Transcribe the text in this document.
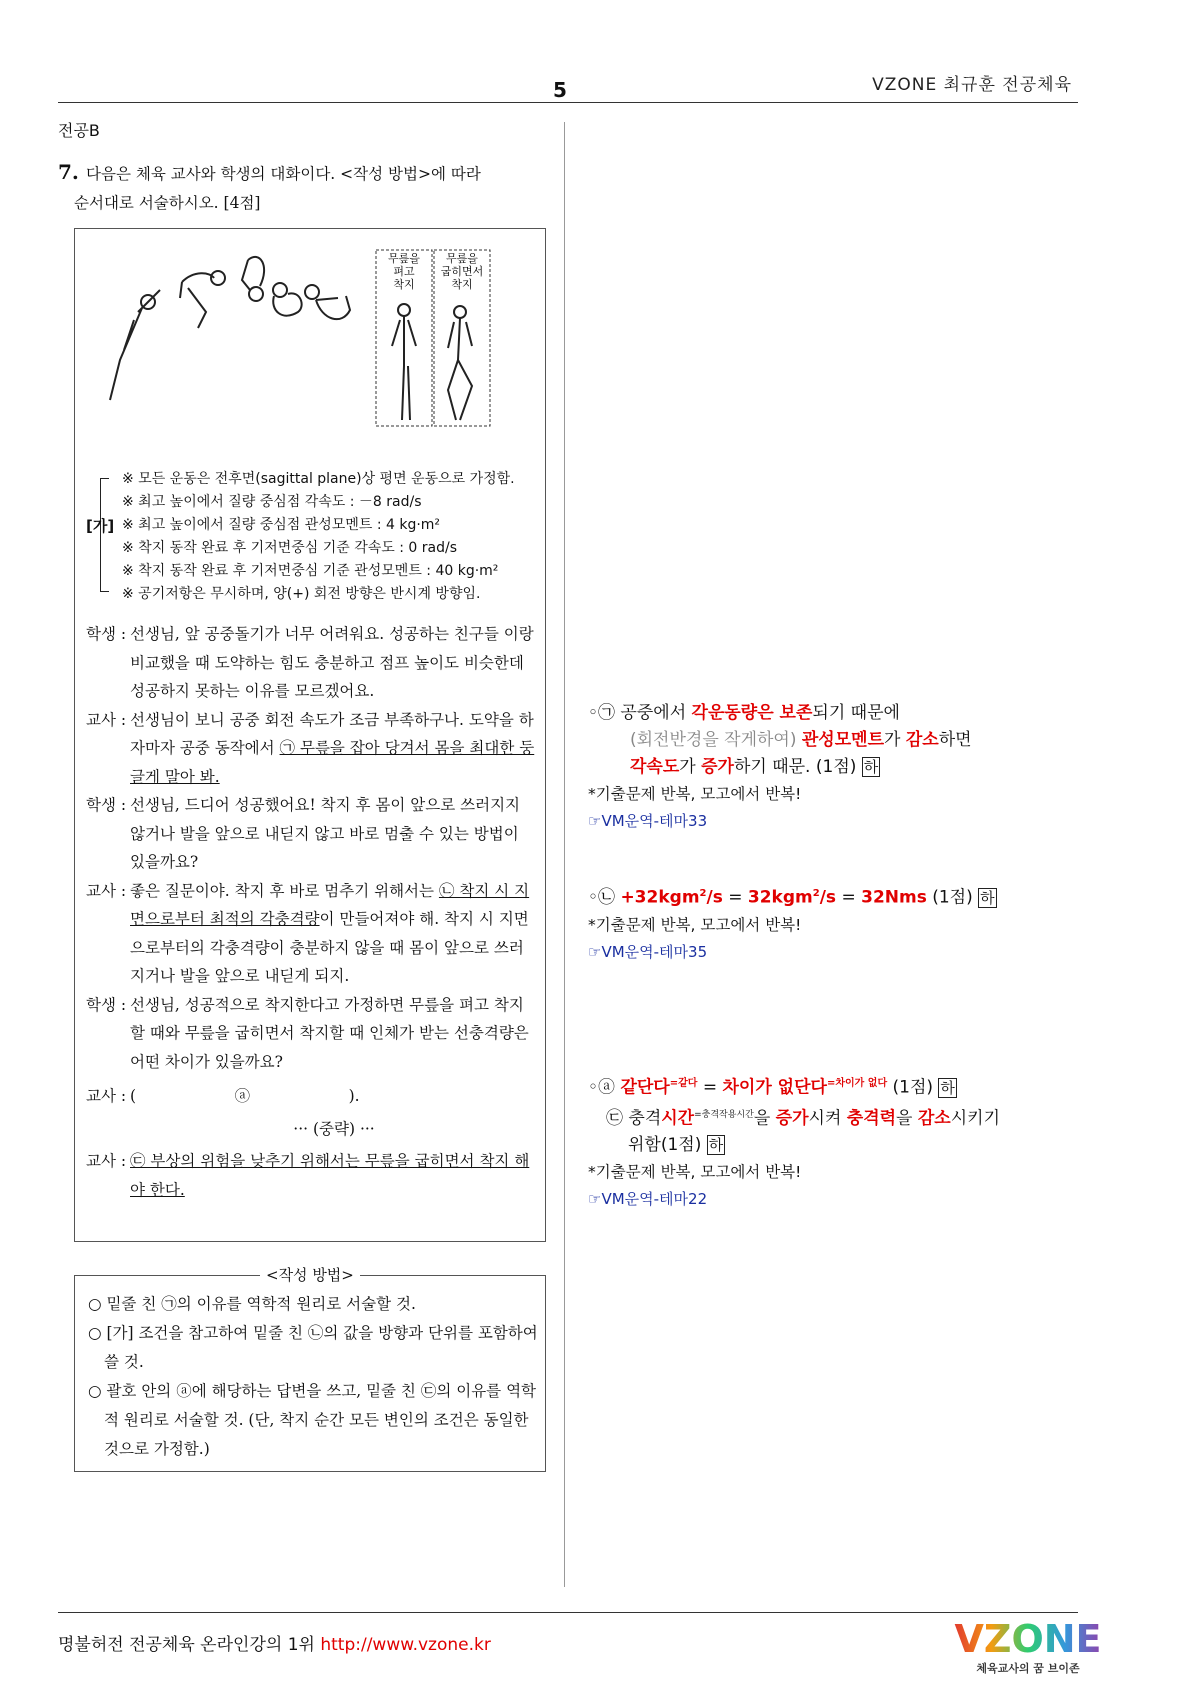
5	VZONE 최규훈 전공체육
전공B
7. 다음은 체육 교사와 학생의 대화이다. <작성 방법>에 따라
순서대로 서술하시오. [4점]
무릎을
펴고
착지
무릎을
굽히면서
착지
[가]
※ 모든 운동은 전후면(sagittal plane)상 평면 운동으로 가정함.
※ 최고 높이에서 질량 중심점 각속도 : －8 rad/s
※ 최고 높이에서 질량 중심점 관성모멘트 : 4 kg·m²
※ 착지 동작 완료 후 기저면중심 기준 각속도 : 0 rad/s
※ 착지 동작 완료 후 기저면중심 기준 관성모멘트 : 40 kg·m²
※ 공기저항은 무시하며, 양(+) 회전 방향은 반시계 방향임.
학생 : 선생님, 앞 공중돌기가 너무 어려워요. 성공하는 친구들 이랑 비교했을 때 도약하는 힘도 충분하고 점프 높이도 비슷한데 성공하지 못하는 이유를 모르겠어요.
교사 : 선생님이 보니 공중 회전 속도가 조금 부족하구나. 도약을 하자마자 공중 동작에서 ㉠ 무릎을 잡아 당겨서 몸을 최대한 둥글게 말아 봐.
학생 : 선생님, 드디어 성공했어요! 착지 후 몸이 앞으로 쓰러지지 않거나 발을 앞으로 내딛지 않고 바로 멈출 수 있는 방법이 있을까요?
교사 : 좋은 질문이야. 착지 후 바로 멈추기 위해서는 ㉡ 착지 시 지면으로부터 최적의 각충격량이 만들어져야 해. 착지 시 지면으로부터의 각충격량이 충분하지 않을 때 몸이 앞으로 쓰러지거나 발을 앞으로 내딛게 되지.
학생 : 선생님, 성공적으로 착지한다고 가정하면 무릎을 펴고 착지할 때와 무릎을 굽히면서 착지할 때 인체가 받는 선충격량은 어떤 차이가 있을까요?
교사 : (                    ⓐ                    ).
··· (중략) ···
교사 : ㉢ 부상의 위험을 낮추기 위해서는 무릎을 굽히면서 착지 해야 한다.
<작성 방법>
○ 밑줄 친 ㉠의 이유를 역학적 원리로 서술할 것.
○ [가] 조건을 참고하여 밑줄 친 ㉡의 값을 방향과 단위를 포함하여 쓸 것.
○ 괄호 안의 ⓐ에 해당하는 답변을 쓰고, 밑줄 친 ㉢의 이유를 역학적 원리로 서술할 것. (단, 착지 순간 모든 변인의 조건은 동일한 것으로 가정함.)
◦㉠ 공중에서 각운동량은 보존되기 때문에
(회전반경을 작게하여) 관성모멘트가 감소하면
각속도가 증가하기 때문. (1점) 하
*기출문제 반복, 모고에서 반복!
☞VM운역-테마33
◦㉡ +32kgm$^2$/s = 32kgm$^2$/s = 32Nms (1점) 하
*기출문제 반복, 모고에서 반복!
☞VM운역-테마35
◦ⓐ 같단다$^{=같다}$ = 차이가 없단다$^{=차이가 없다}$ (1점) 하
㉢ 충격시간$^{=충격작용시간}$을 증가시켜 충격력을 감소시키기
위함(1점) 하
*기출문제 반복, 모고에서 반복!
☞VM운역-테마22
명불허전 전공체육 온라인강의 1위 http://www.vzone.kr	VZONE
체육교사의 꿈 브이존
